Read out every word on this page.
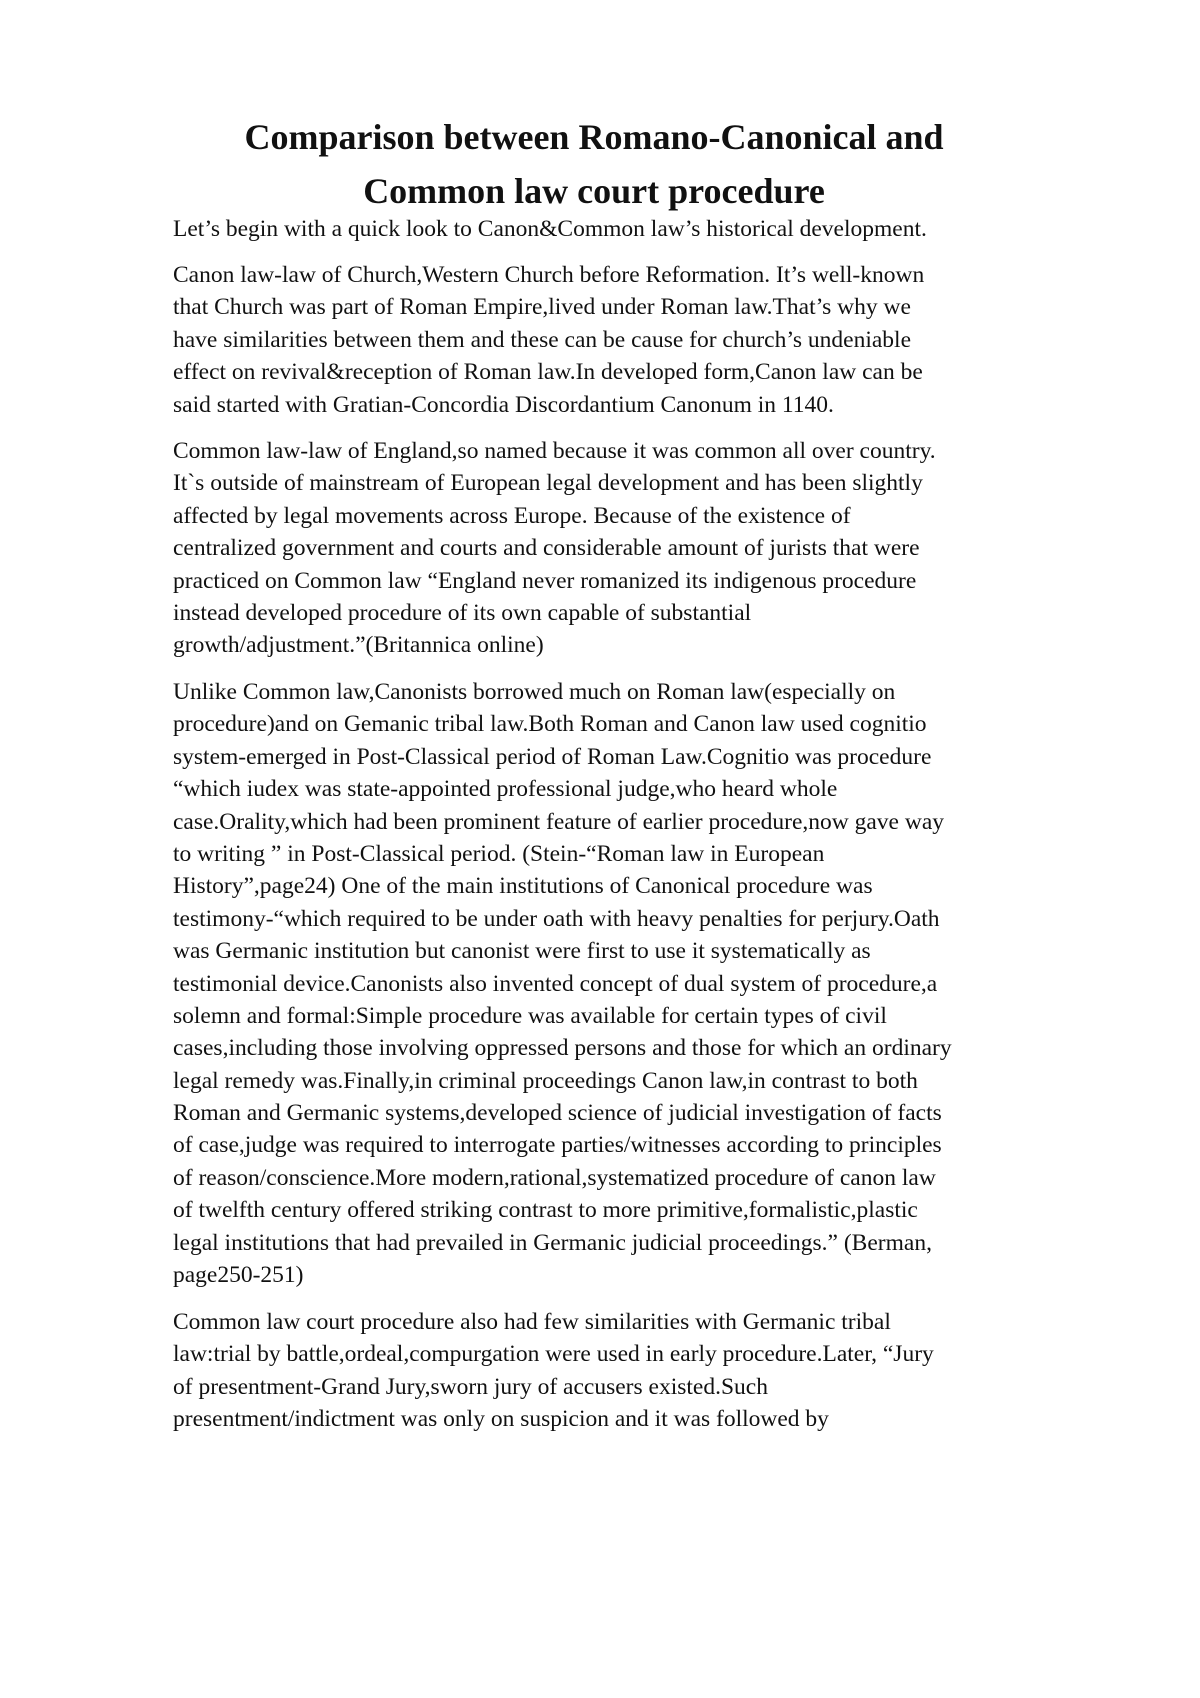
Comparison between Romano-Canonical and
Common law court procedure
Let’s begin with a quick look to Canon&Common law’s historical development.
Canon law-law of Church,Western Church before Reformation. It’s well-known
that Church was part of Roman Empire,lived under Roman law.That’s why we
have similarities between them and these can be cause for church’s undeniable
effect on revival&reception of Roman law.In developed form,Canon law can be
said started with Gratian-Concordia Discordantium Canonum in 1140.
Common law-law of England,so named because it was common all over country.
It`s outside of mainstream of European legal development and has been slightly
affected by legal movements across Europe. Because of the existence of
centralized government and courts and considerable amount of jurists that were
practiced on Common law “England never romanized its indigenous procedure
instead developed procedure of its own capable of substantial
growth/adjustment.”(Britannica online)
Unlike Common law,Canonists borrowed much on Roman law(especially on
procedure)and on Gemanic tribal law.Both Roman and Canon law used cognitio
system-emerged in Post-Classical period of Roman Law.Cognitio was procedure
“which iudex was state-appointed professional judge,who heard whole
case.Orality,which had been prominent feature of earlier procedure,now gave way
to writing ” in Post-Classical period. (Stein-“Roman law in European
History”,page24) One of the main institutions of Canonical procedure was
testimony-“which required to be under oath with heavy penalties for perjury.Oath
was Germanic institution but canonist were first to use it systematically as
testimonial device.Canonists also invented concept of dual system of procedure,a
solemn and formal:Simple procedure was available for certain types of civil
cases,including those involving oppressed persons and those for which an ordinary
legal remedy was.Finally,in criminal proceedings Canon law,in contrast to both
Roman and Germanic systems,developed science of judicial investigation of facts
of case,judge was required to interrogate parties/witnesses according to principles
of reason/conscience.More modern,rational,systematized procedure of canon law
of twelfth century offered striking contrast to more primitive,formalistic,plastic
legal institutions that had prevailed in Germanic judicial proceedings.” (Berman,
page250-251)
Common law court procedure also had few similarities with Germanic tribal
law:trial by battle,ordeal,compurgation were used in early procedure.Later, “Jury
of presentment-Grand Jury,sworn jury of accusers existed.Such
presentment/indictment was only on suspicion and it was followed by
